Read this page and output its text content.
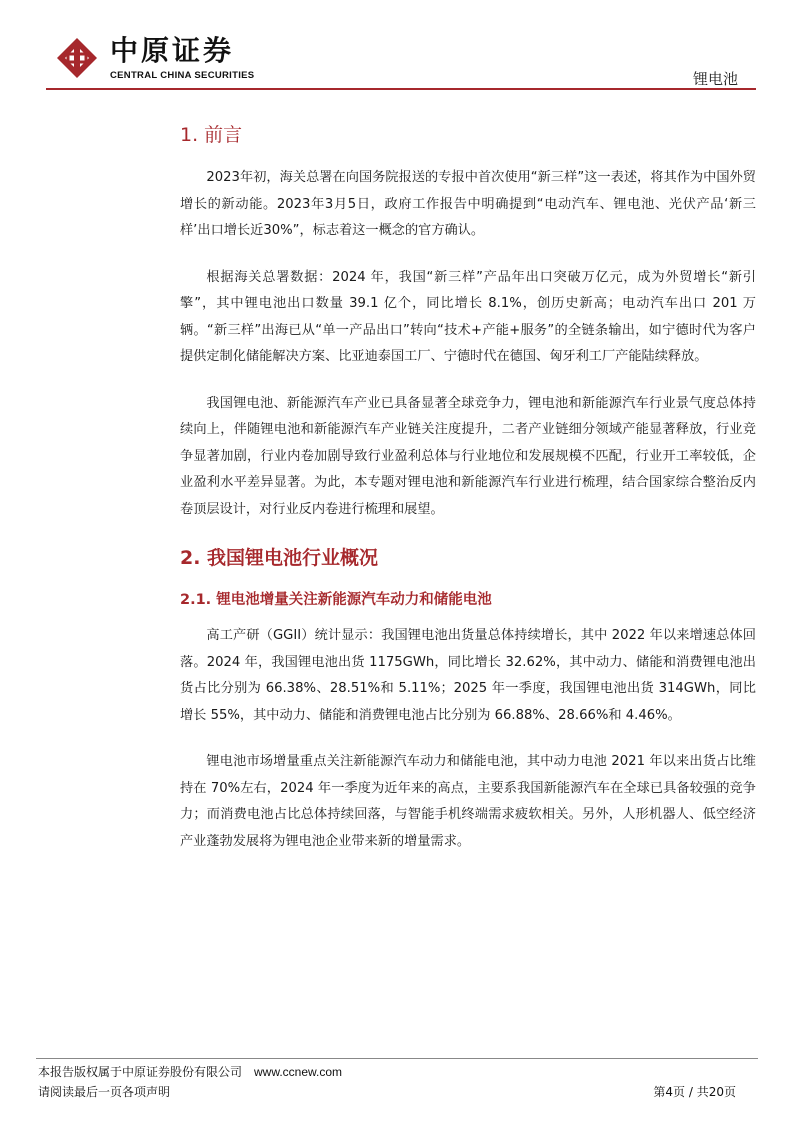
中原证券
CENTRAL CHINA SECURITIES	锂电池
1. 前言

2023年初，海关总署在向国务院报送的专报中首次使用“新三样”这一表述，将其作为中国外贸增长的新动能。2023年3月5日，政府工作报告中明确提到“电动汽车、锂电池、光伏产品‘新三样’出口增长近30%”，标志着这一概念的官方确认。

根据海关总署数据：2024 年，我国“新三样”产品年出口突破万亿元，成为外贸增长“新引擎”，其中锂电池出口数量 39.1 亿个，同比增长 8.1%，创历史新高；电动汽车出口 201 万辆。“新三样”出海已从“单一产品出口”转向“技术+产能+服务”的全链条输出，如宁德时代为客户提供定制化储能解决方案、比亚迪泰国工厂、宁德时代在德国、匈牙利工厂产能陆续释放。

我国锂电池、新能源汽车产业已具备显著全球竞争力，锂电池和新能源汽车行业景气度总体持续向上，伴随锂电池和新能源汽车产业链关注度提升，二者产业链细分领域产能显著释放，行业竞争显著加剧，行业内卷加剧导致行业盈利总体与行业地位和发展规模不匹配，行业开工率较低，企业盈利水平差异显著。为此，本专题对锂电池和新能源汽车行业进行梳理，结合国家综合整治反内卷顶层设计，对行业反内卷进行梳理和展望。

2. 我国锂电池行业概况
2.1. 锂电池增量关注新能源汽车动力和储能电池

高工产研（GGII）统计显示：我国锂电池出货量总体持续增长，其中 2022 年以来增速总体回落。2024 年，我国锂电池出货 1175GWh，同比增长 32.62%，其中动力、储能和消费锂电池出货占比分别为 66.38%、28.51%和 5.11%；2025 年一季度，我国锂电池出货 314GWh，同比增长 55%，其中动力、储能和消费锂电池占比分别为 66.88%、28.66%和 4.46%。

锂电池市场增量重点关注新能源汽车动力和储能电池，其中动力电池 2021 年以来出货占比维持在 70%左右，2024 年一季度为近年来的高点，主要系我国新能源汽车在全球已具备较强的竞争力；而消费电池占比总体持续回落，与智能手机终端需求疲软相关。另外，人形机器人、低空经济产业蓬勃发展将为锂电池企业带来新的增量需求。

本报告版权属于中原证券股份有限公司 www.ccnew.com
请阅读最后一页各项声明	第4页 / 共20页
